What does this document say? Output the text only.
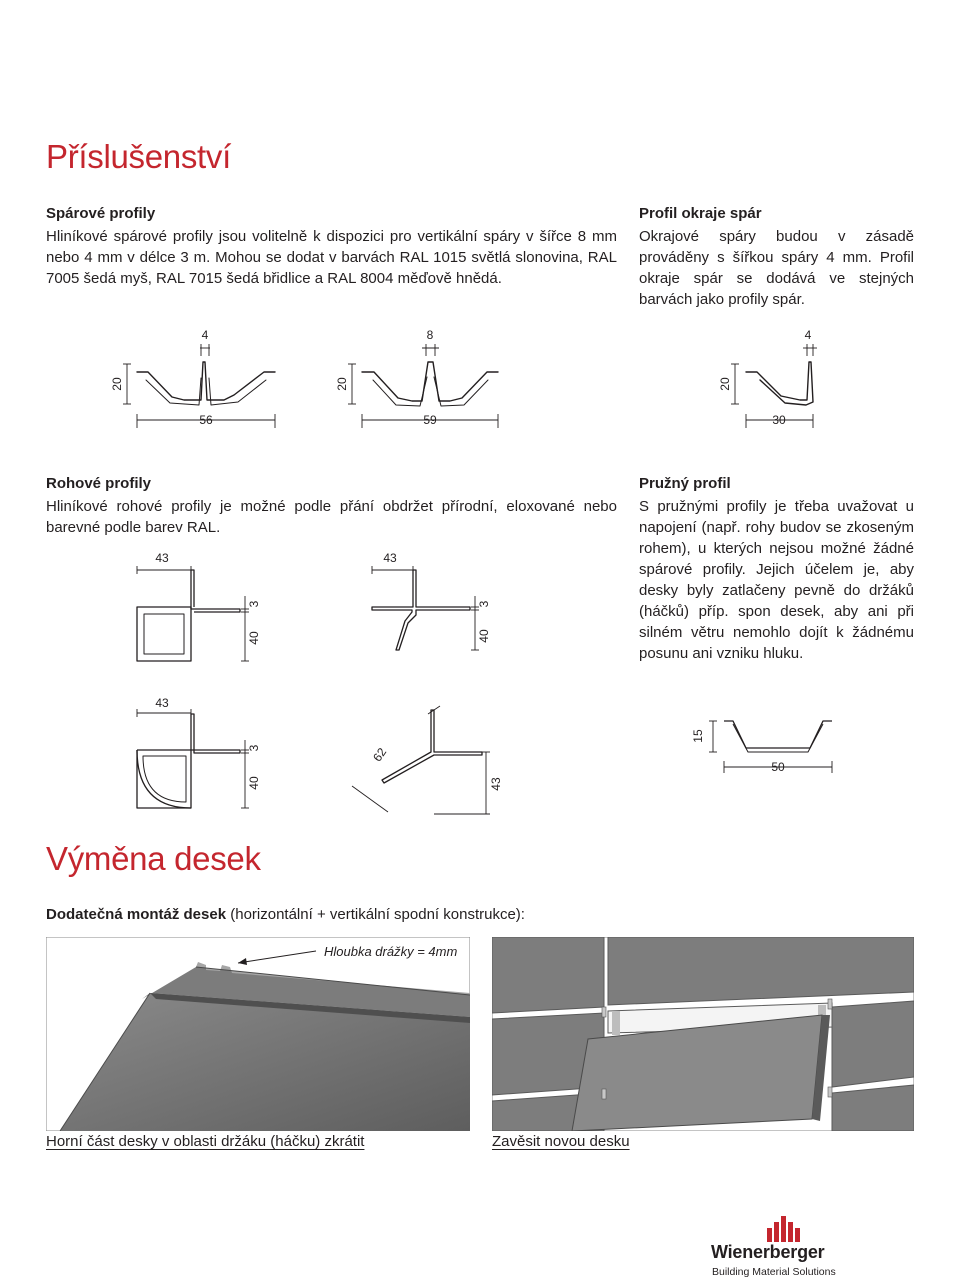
Příslušenství
Spárové profily
Hliníkové spárové profily jsou volitelně k dispozici pro vertikální spáry v šířce 8 mm nebo 4 mm v délce 3 m. Mohou se dodat v barvách RAL 1015 světlá slonovina, RAL 7005 šedá myš, RAL 7015 šedá břidlice a RAL 8004 měďově hnědá.
Profil okraje spár
Okrajové spáry budou v zásadě prováděny s šířkou spáry 4 mm. Profil okraje spár se dodává ve stejných barvách jako profily spár.
Rohové profily
Hliníkové rohové profily je možné podle přání obdržet přírodní, eloxované nebo barevné podle barev RAL.
Pružný profil
S pružnými profily je třeba uvažovat u napojení (např. rohy budov se zkoseným rohem), u kterých nejsou možné žádné spárové profily. Jejich účelem je, aby desky byly zatlačeny pevně do držáků (háčků) příp. spon desek, aby ani při silném větru nemohlo dojít k žádnému posunu ani vzniku hluku.
Výměna desek
Dodatečná montáž desek (horizontální + vertikální spodní konstrukce):
4
20
56
8
20
59
4
20
30
43
3
40
43
3
40
43
3
40
62
43
15
50
Hloubka drážky = 4mm
Horní část desky v oblasti držáku (háčku) zkrátit	Zavěsit novou desku
Wienerberger
Building Material Solutions
